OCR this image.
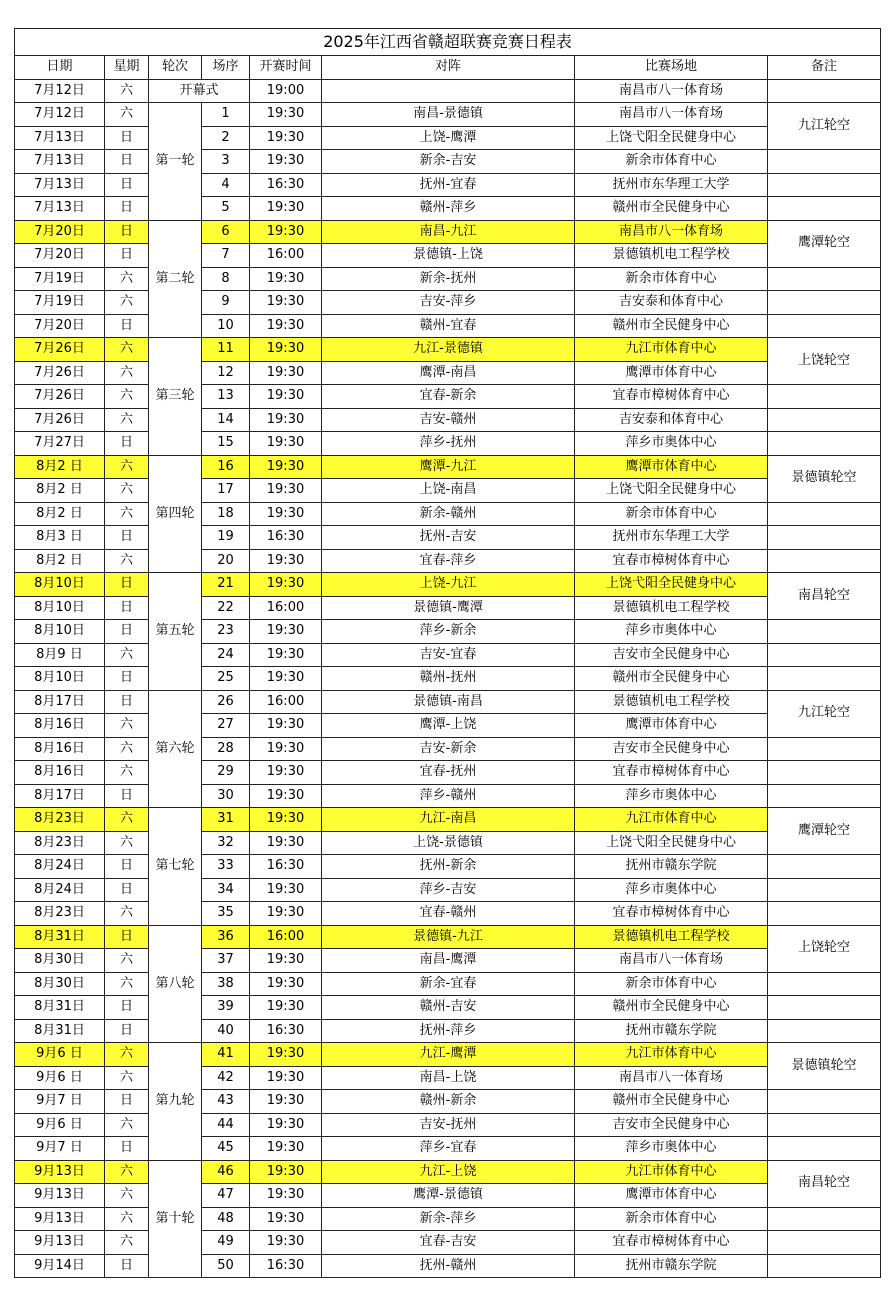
2025年江西省赣超联赛竞赛日程表							
日期	星期	轮次	场序	开赛时间	对阵	比赛场地	备注
7月12日	六	开幕式		19:00		南昌市八一体育场	
7月12日	六	第一轮	1	19:30	南昌-景德镇	南昌市八一体育场	九江轮空
7月13日	日		2	19:30	上饶-鹰潭	上饶弋阳全民健身中心	
7月13日	日		3	19:30	新余-吉安	新余市体育中心	
7月13日	日		4	16:30	抚州-宜春	抚州市东华理工大学	
7月13日	日		5	19:30	赣州-萍乡	赣州市全民健身中心	
7月20日	日	第二轮	6	19:30	南昌-九江	南昌市八一体育场	鹰潭轮空
7月20日	日		7	16:00	景德镇-上饶	景德镇机电工程学校	
7月19日	六		8	19:30	新余-抚州	新余市体育中心	
7月19日	六		9	19:30	吉安-萍乡	吉安泰和体育中心	
7月20日	日		10	19:30	赣州-宜春	赣州市全民健身中心	
7月26日	六	第三轮	11	19:30	九江-景德镇	九江市体育中心	上饶轮空
7月26日	六		12	19:30	鹰潭-南昌	鹰潭市体育中心	
7月26日	六		13	19:30	宜春-新余	宜春市樟树体育中心	
7月26日	六		14	19:30	吉安-赣州	吉安泰和体育中心	
7月27日	日		15	19:30	萍乡-抚州	萍乡市奥体中心	
8月2 日	六	第四轮	16	19:30	鹰潭-九江	鹰潭市体育中心	景德镇轮空
8月2 日	六		17	19:30	上饶-南昌	上饶弋阳全民健身中心	
8月2 日	六		18	19:30	新余-赣州	新余市体育中心	
8月3 日	日		19	16:30	抚州-吉安	抚州市东华理工大学	
8月2 日	六		20	19:30	宜春-萍乡	宜春市樟树体育中心	
8月10日	日	第五轮	21	19:30	上饶-九江	上饶弋阳全民健身中心	南昌轮空
8月10日	日		22	16:00	景德镇-鹰潭	景德镇机电工程学校	
8月10日	日		23	19:30	萍乡-新余	萍乡市奥体中心	
8月9 日	六		24	19:30	吉安-宜春	吉安市全民健身中心	
8月10日	日		25	19:30	赣州-抚州	赣州市全民健身中心	
8月17日	日	第六轮	26	16:00	景德镇-南昌	景德镇机电工程学校	九江轮空
8月16日	六		27	19:30	鹰潭-上饶	鹰潭市体育中心	
8月16日	六		28	19:30	吉安-新余	吉安市全民健身中心	
8月16日	六		29	19:30	宜春-抚州	宜春市樟树体育中心	
8月17日	日		30	19:30	萍乡-赣州	萍乡市奥体中心	
8月23日	六	第七轮	31	19:30	九江-南昌	九江市体育中心	鹰潭轮空
8月23日	六		32	19:30	上饶-景德镇	上饶弋阳全民健身中心	
8月24日	日		33	16:30	抚州-新余	抚州市赣东学院	
8月24日	日		34	19:30	萍乡-吉安	萍乡市奥体中心	
8月23日	六		35	19:30	宜春-赣州	宜春市樟树体育中心	
8月31日	日	第八轮	36	16:00	景德镇-九江	景德镇机电工程学校	上饶轮空
8月30日	六		37	19:30	南昌-鹰潭	南昌市八一体育场	
8月30日	六		38	19:30	新余-宜春	新余市体育中心	
8月31日	日		39	19:30	赣州-吉安	赣州市全民健身中心	
8月31日	日		40	16:30	抚州-萍乡	抚州市赣东学院	
9月6 日	六	第九轮	41	19:30	九江-鹰潭	九江市体育中心	景德镇轮空
9月6 日	六		42	19:30	南昌-上饶	南昌市八一体育场	
9月7 日	日		43	19:30	赣州-新余	赣州市全民健身中心	
9月6 日	六		44	19:30	吉安-抚州	吉安市全民健身中心	
9月7 日	日		45	19:30	萍乡-宜春	萍乡市奥体中心	
9月13日	六	第十轮	46	19:30	九江-上饶	九江市体育中心	南昌轮空
9月13日	六		47	19:30	鹰潭-景德镇	鹰潭市体育中心	
9月13日	六		48	19:30	新余-萍乡	新余市体育中心	
9月13日	六		49	19:30	宜春-吉安	宜春市樟树体育中心	
9月14日	日		50	16:30	抚州-赣州	抚州市赣东学院	
